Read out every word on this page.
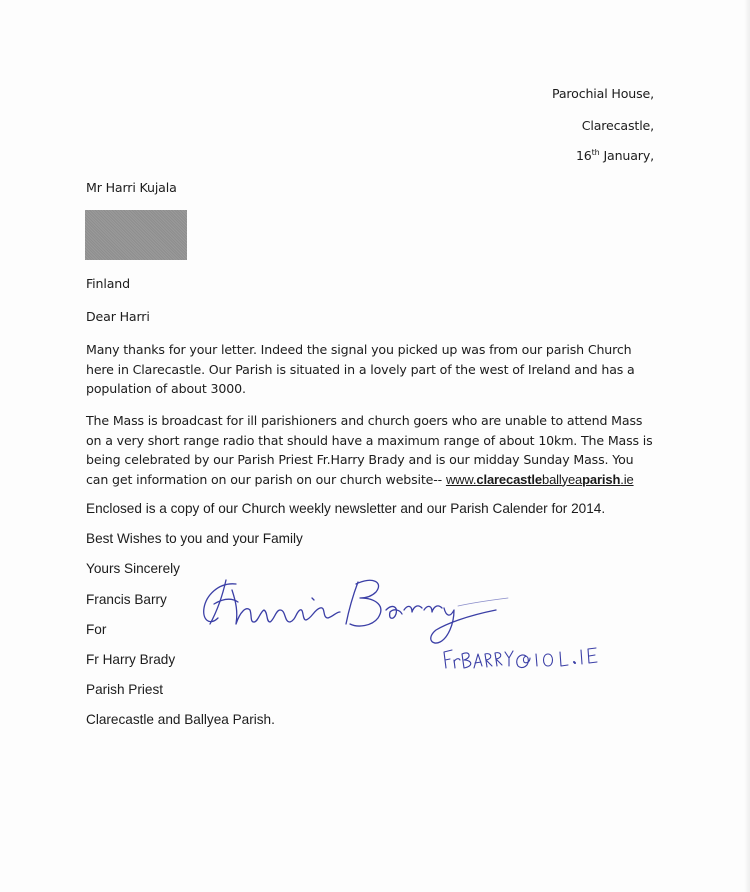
Parochial House,
Clarecastle,
16th January,
Mr Harri Kujala
Finland
Dear Harri
Many thanks for your letter. Indeed the signal you picked up was from our parish Church here in Clarecastle. Our Parish is situated in a lovely part of the west of Ireland and has a population of about 3000.
The Mass is broadcast for ill parishioners and church goers who are unable to attend Mass on a very short range radio that should have a maximum range of about 10km. The Mass is being celebrated by our Parish Priest Fr.Harry Brady and is our midday Sunday Mass. You can get information on our parish on our church website-- www.clarecastleballyeaparish.ie
Enclosed is a copy of our Church weekly newsletter and our Parish Calender for 2014.
Best Wishes to you and your Family
Yours Sincerely
Francis Barry
For
Fr Harry Brady
Parish Priest
Clarecastle and Ballyea Parish.
